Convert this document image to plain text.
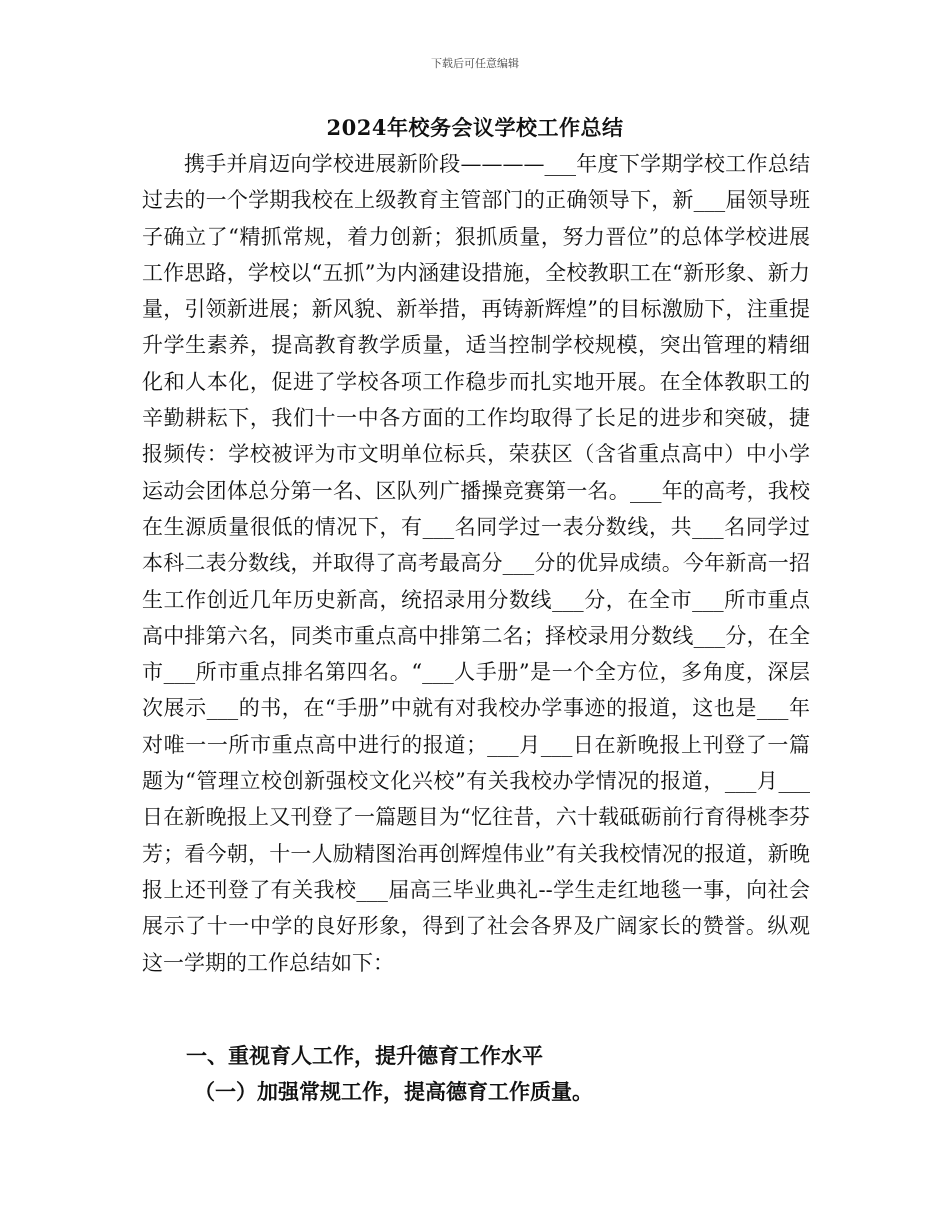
下载后可任意编辑
2024年校务会议学校工作总结

携手并肩迈向学校进展新阶段————___年度下学期学校工作总结过去的一个学期我校在上级教育主管部门的正确领导下，新___届领导班子确立了“精抓常规，着力创新；狠抓质量，努力晋位”的总体学校进展工作思路，学校以“五抓”为内涵建设措施，全校教职工在“新形象、新力量，引领新进展；新风貌、新举措，再铸新辉煌”的目标激励下，注重提升学生素养，提高教育教学质量，适当控制学校规模，突出管理的精细化和人本化，促进了学校各项工作稳步而扎实地开展。在全体教职工的辛勤耕耘下，我们十一中各方面的工作均取得了长足的进步和突破，捷报频传：学校被评为市文明单位标兵，荣获区（含省重点高中）中小学运动会团体总分第一名、区队列广播操竞赛第一名。___年的高考，我校在生源质量很低的情况下，有___名同学过一表分数线，共___名同学过本科二表分数线，并取得了高考最高分___分的优异成绩。今年新高一招生工作创近几年历史新高，统招录用分数线___分，在全市___所市重点高中排第六名，同类市重点高中排第二名；择校录用分数线___分，在全市___所市重点排名第四名。“___人手册”是一个全方位，多角度，深层次展示___的书，在“手册”中就有对我校办学事迹的报道，这也是___年对唯一一所市重点高中进行的报道；___月___日在新晚报上刊登了一篇题为“管理立校创新强校文化兴校”有关我校办学情况的报道，___月___日在新晚报上又刊登了一篇题目为“忆往昔，六十载砥砺前行育得桃李芬芳；看今朝，十一人励精图治再创辉煌伟业”有关我校情况的报道，新晚报上还刊登了有关我校___届高三毕业典礼--学生走红地毯一事，向社会展示了十一中学的良好形象，得到了社会各界及广阔家长的赞誉。纵观这一学期的工作总结如下：

一、重视育人工作，提升德育工作水平
（一）加强常规工作，提高德育工作质量。
